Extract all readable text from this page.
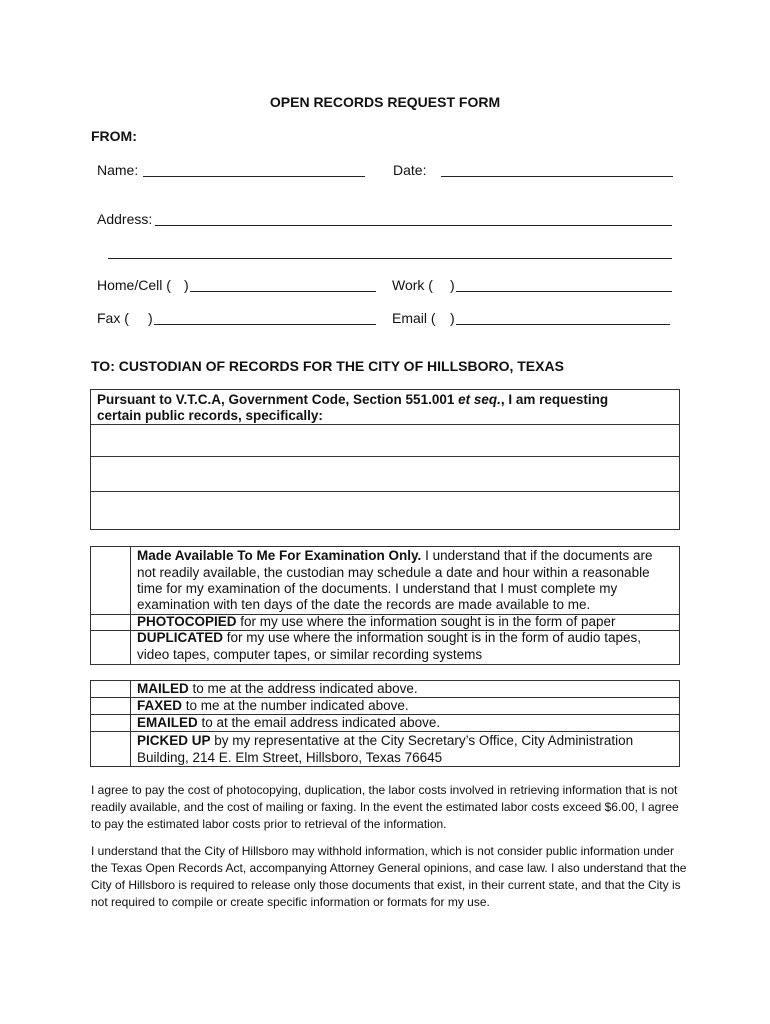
OPEN RECORDS REQUEST FORM
FROM:
Name:	Date:
Address:
Home/Cell ( )	Work ( )
Fax ( )	Email ( )
TO: CUSTODIAN OF RECORDS FOR THE CITY OF HILLSBORO, TEXAS
Pursuant to V.T.C.A, Government Code, Section 551.001 et seq., I am requesting
certain public records, specifically:
Made Available To Me For Examination Only. I understand that if the documents are
not readily available, the custodian may schedule a date and hour within a reasonable
time for my examination of the documents. I understand that I must complete my
examination with ten days of the date the records are made available to me.
PHOTOCOPIED for my use where the information sought is in the form of paper
DUPLICATED for my use where the information sought is in the form of audio tapes,
video tapes, computer tapes, or similar recording systems
MAILED to me at the address indicated above.
FAXED to me at the number indicated above.
EMAILED to at the email address indicated above.
PICKED UP by my representative at the City Secretary’s Office, City Administration
Building, 214 E. Elm Street, Hillsboro, Texas 76645
I agree to pay the cost of photocopying, duplication, the labor costs involved in retrieving information that is not readily available, and the cost of mailing or faxing. In the event the estimated labor costs exceed $6.00, I agree to pay the estimated labor costs prior to retrieval of the information.
I understand that the City of Hillsboro may withhold information, which is not consider public information under the Texas Open Records Act, accompanying Attorney General opinions, and case law. I also understand that the City of Hillsboro is required to release only those documents that exist, in their current state, and that the City is not required to compile or create specific information or formats for my use.
